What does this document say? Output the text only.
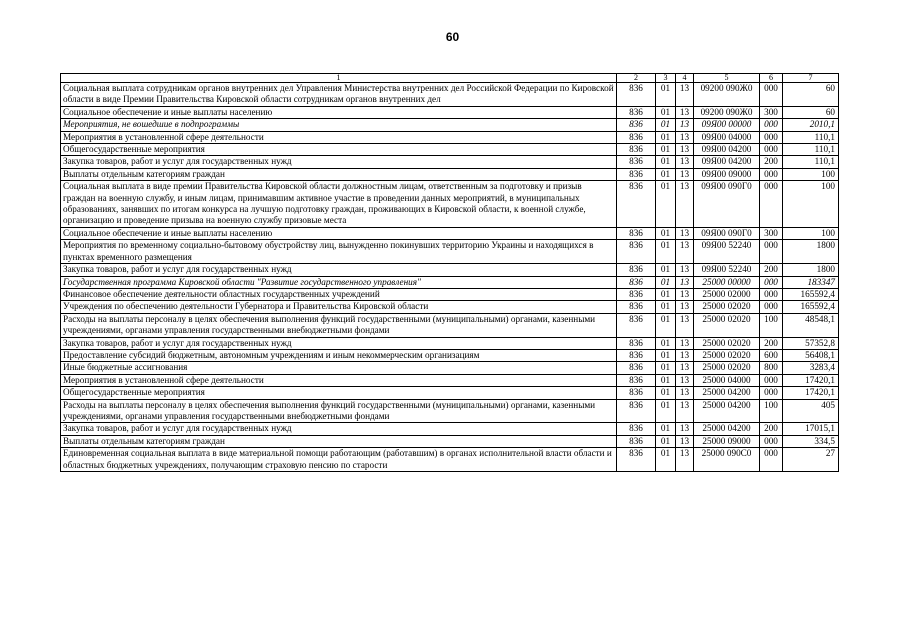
60
1	2	3	4	5	6	7
Социальная выплата сотрудникам органов внутренних дел Управления Министерства внутренних дел Российской Федерации по Кировской области в виде Премии Правительства Кировской области сотрудникам органов внутренних дел	836	01	13	09200 090Ж0	000	60
Социальное обеспечение и иные выплаты населению	836	01	13	09200 090Ж0	300	60
Мероприятия, не вошедшие в подпрограммы	836	01	13	09Я00 00000	000	2010,1
Мероприятия в установленной сфере деятельности	836	01	13	09Я00 04000	000	110,1
Общегосударственные мероприятия	836	01	13	09Я00 04200	000	110,1
Закупка товаров, работ и услуг для государственных нужд	836	01	13	09Я00 04200	200	110,1
Выплаты отдельным категориям граждан	836	01	13	09Я00 09000	000	100
Социальная выплата в виде премии Правительства Кировской области должностным лицам, ответственным за подготовку и призыв граждан на военную службу, и иным лицам, принимавшим активное участие в проведении данных мероприятий, в муниципальных образованиях, занявших по итогам конкурса на лучшую подготовку граждан, проживающих в Кировской области, к военной службе, организацию и проведение призыва на военную службу призовые места	836	01	13	09Я00 090Г0	000	100
Социальное обеспечение и иные выплаты населению	836	01	13	09Я00 090Г0	300	100
Мероприятия по временному социально-бытовому обустройству лиц, вынужденно покинувших территорию Украины и находящихся в пунктах временного размещения	836	01	13	09Я00 52240	000	1800
Закупка товаров, работ и услуг для государственных нужд	836	01	13	09Я00 52240	200	1800
Государственная программа Кировской области "Развитие государственного управления"	836	01	13	25000 00000	000	183347
Финансовое обеспечение деятельности областных государственных учреждений	836	01	13	25000 02000	000	165592,4
Учреждения по обеспечению деятельности Губернатора и Правительства Кировской области	836	01	13	25000 02020	000	165592,4
Расходы на выплаты персоналу в целях обеспечения выполнения функций государственными (муниципальными) органами, казенными учреждениями, органами управления государственными внебюджетными фондами	836	01	13	25000 02020	100	48548,1
Закупка товаров, работ и услуг для государственных нужд	836	01	13	25000 02020	200	57352,8
Предоставление субсидий бюджетным, автономным учреждениям и иным некоммерческим организациям	836	01	13	25000 02020	600	56408,1
Иные бюджетные ассигнования	836	01	13	25000 02020	800	3283,4
Мероприятия в установленной сфере деятельности	836	01	13	25000 04000	000	17420,1
Общегосударственные мероприятия	836	01	13	25000 04200	000	17420,1
Расходы на выплаты персоналу в целях обеспечения выполнения функций государственными (муниципальными) органами, казенными учреждениями, органами управления государственными внебюджетными фондами	836	01	13	25000 04200	100	405
Закупка товаров, работ и услуг для государственных нужд	836	01	13	25000 04200	200	17015,1
Выплаты отдельным категориям граждан	836	01	13	25000 09000	000	334,5
Единовременная социальная выплата в виде материальной помощи работающим (работавшим) в органах исполнительной власти области и областных бюджетных учреждениях, получающим страховую пенсию по старости	836	01	13	25000 090С0	000	27
